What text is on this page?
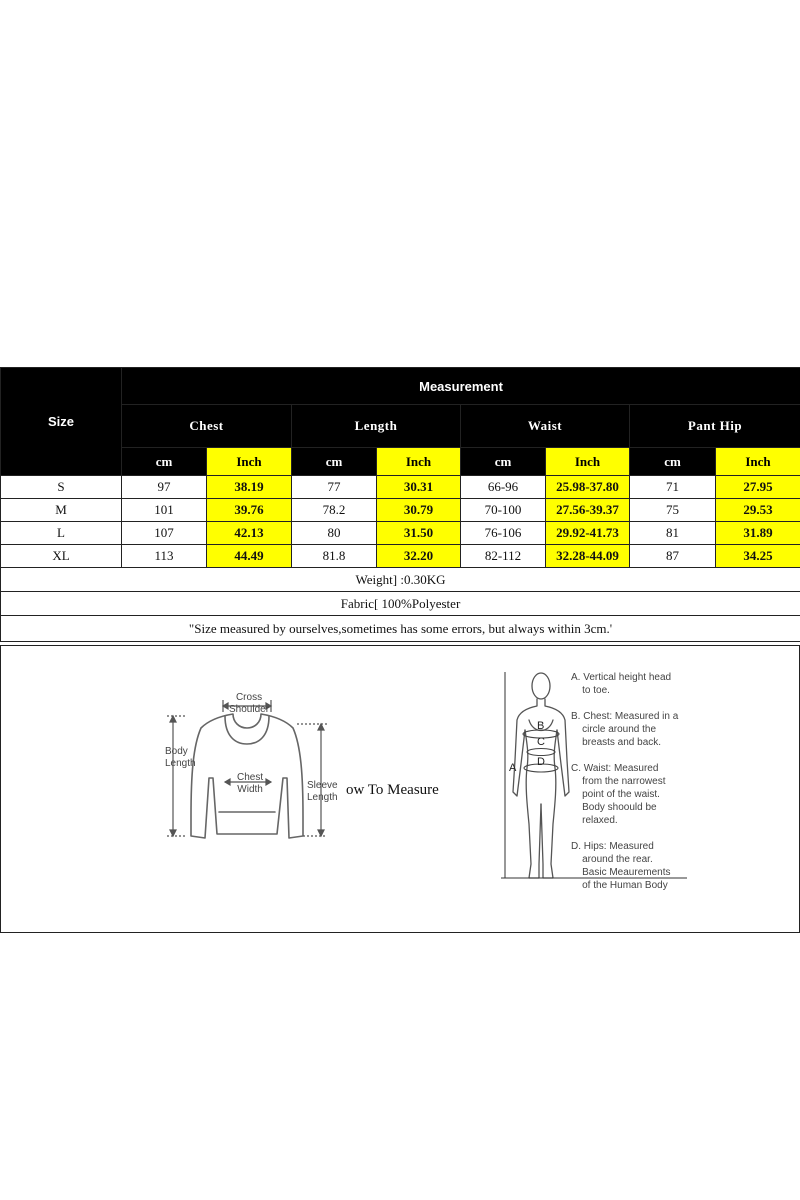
Size	Measurement							
	Chest		Length		Waist		Pant Hip	
	cm	Inch	cm	Inch	cm	Inch	cm	Inch
S	97	38.19	77	30.31	66-96	25.98-37.80	71	27.95
M	101	39.76	78.2	30.79	70-100	27.56-39.37	75	29.53
L	107	42.13	80	31.50	76-106	29.92-41.73	81	31.89
XL	113	44.49	81.8	32.20	82-112	32.28-44.09	87	34.25
Weight] :0.30KG								
Fabric[ 100%Polyester								
"Size measured by ourselves,sometimes has some errors, but always within 3cm.'								
Cross
Shoulder
Body
Length
Chest
Width	Sleeve
Length ow To Measure
A
B
C
D
A. Vertical height head
to toe.
B. Chest: Measured in a
circle around the
breasts and back.
C. Waist: Measured
from the narrowest
point of the waist.
Body shoould be
relaxed.
D. Hips: Measured
around the rear.
Basic Meaurements
of the Human Body
